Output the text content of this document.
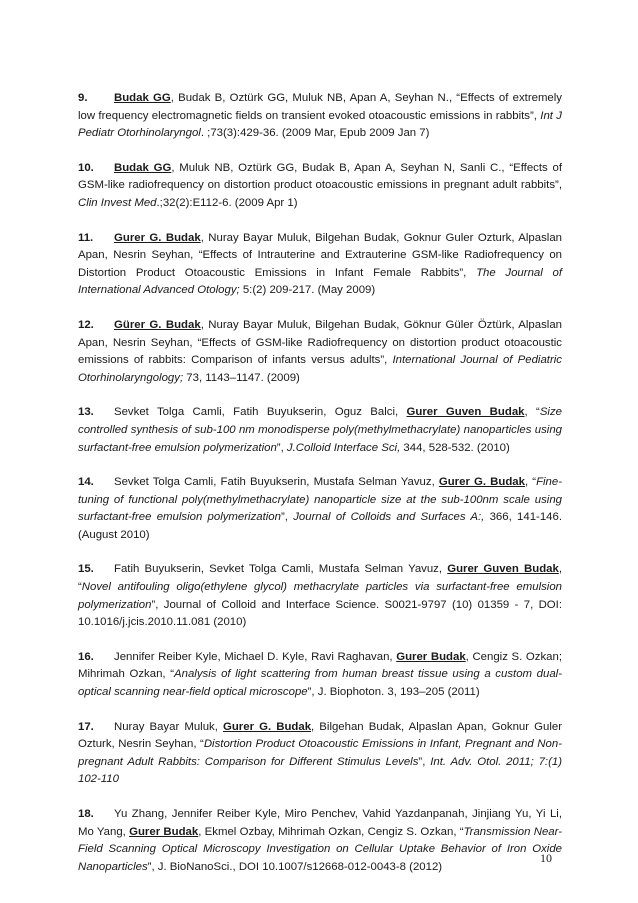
9. Budak GG, Budak B, Oztürk GG, Muluk NB, Apan A, Seyhan N., “Effects of extremely low frequency electromagnetic fields on transient evoked otoacoustic emissions in rabbits”, Int J Pediatr Otorhinolaryngol. ;73(3):429-36. (2009 Mar, Epub 2009 Jan 7)

10. Budak GG, Muluk NB, Oztürk GG, Budak B, Apan A, Seyhan N, Sanli C., “Effects of GSM-like radiofrequency on distortion product otoacoustic emissions in pregnant adult rabbits”, Clin Invest Med.;32(2):E112-6. (2009 Apr 1)

11. Gurer G. Budak, Nuray Bayar Muluk, Bilgehan Budak, Goknur Guler Ozturk, Alpaslan Apan, Nesrin Seyhan, “Effects of Intrauterine and Extrauterine GSM-like Radiofrequency on Distortion Product Otoacoustic Emissions in Infant Female Rabbits”, The Journal of International Advanced Otology; 5:(2) 209-217. (May 2009)

12. Gürer G. Budak, Nuray Bayar Muluk, Bilgehan Budak, Göknur Güler Öztürk, Alpaslan Apan, Nesrin Seyhan, “Effects of GSM-like Radiofrequency on distortion product otoacoustic emissions of rabbits: Comparison of infants versus adults”, International Journal of Pediatric Otorhinolaryngology; 73, 1143–1147. (2009)

13. Sevket Tolga Camli, Fatih Buyukserin, Oguz Balci, Gurer Guven Budak, “Size controlled synthesis of sub-100 nm monodisperse poly(methylmethacrylate) nanoparticles using surfactant-free emulsion polymerization”, J.Colloid Interface Sci, 344, 528-532. (2010)

14. Sevket Tolga Camli, Fatih Buyukserin, Mustafa Selman Yavuz, Gurer G. Budak, “Fine-tuning of functional poly(methylmethacrylate) nanoparticle size at the sub-100nm scale using surfactant-free emulsion polymerization”, Journal of Colloids and Surfaces A:, 366, 141-146. (August 2010)

15. Fatih Buyukserin, Sevket Tolga Camli, Mustafa Selman Yavuz, Gurer Guven Budak, “Novel antifouling oligo(ethylene glycol) methacrylate particles via surfactant-free emulsion polymerization”, Journal of Colloid and Interface Science. S0021-9797 (10) 01359 - 7, DOI: 10.1016/j.jcis.2010.11.081 (2010)

16. Jennifer Reiber Kyle, Michael D. Kyle, Ravi Raghavan, Gurer Budak, Cengiz S. Ozkan; Mihrimah Ozkan, “Analysis of light scattering from human breast tissue using a custom dual-optical scanning near-field optical microscope”, J. Biophoton. 3, 193–205 (2011)

17. Nuray Bayar Muluk, Gurer G. Budak, Bilgehan Budak, Alpaslan Apan, Goknur Guler Ozturk, Nesrin Seyhan, “Distortion Product Otoacoustic Emissions in Infant, Pregnant and Non-pregnant Adult Rabbits: Comparison for Different Stimulus Levels”, Int. Adv. Otol. 2011; 7:(1) 102-110

18. Yu Zhang, Jennifer Reiber Kyle, Miro Penchev, Vahid Yazdanpanah, Jinjiang Yu, Yi Li, Mo Yang, Gurer Budak, Ekmel Ozbay, Mihrimah Ozkan, Cengiz S. Ozkan, “Transmission Near-Field Scanning Optical Microscopy Investigation on Cellular Uptake Behavior of Iron Oxide Nanoparticles”, J. BioNanoSci., DOI 10.1007/s12668-012-0043-8 (2012)

10
